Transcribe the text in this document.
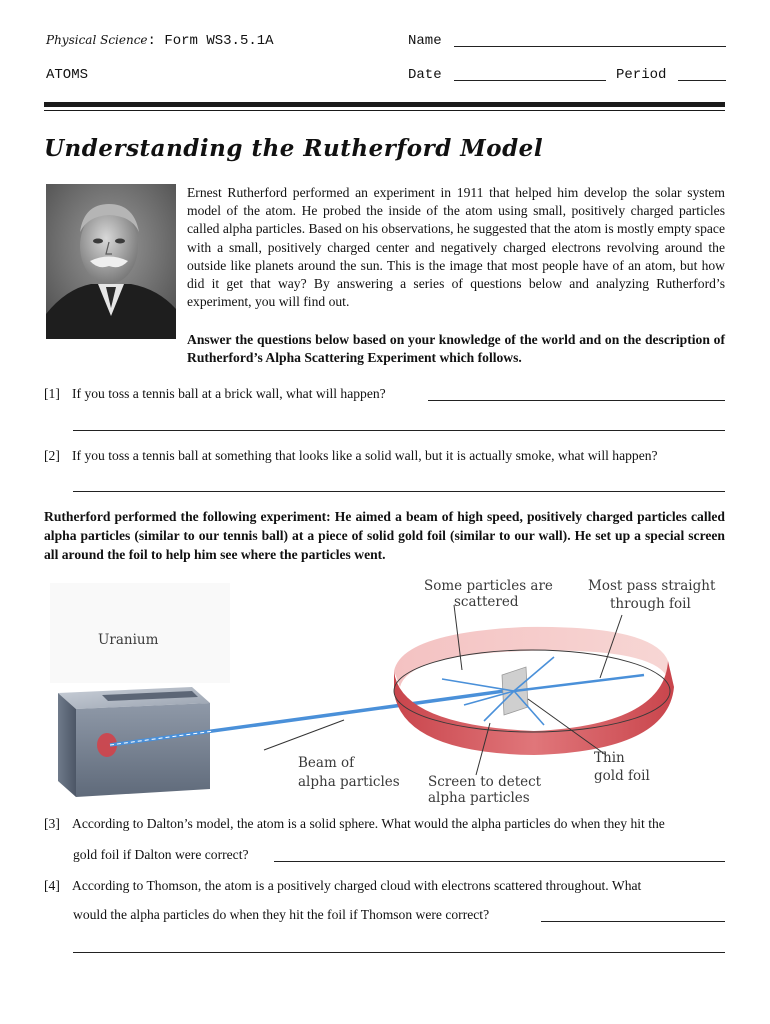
Physical Science: Form WS3.5.1A
ATOMS
Name
Date	Period
Understanding the Rutherford Model

Ernest Rutherford performed an experiment in 1911 that helped him develop the solar system model of the atom. He probed the inside of the atom using small, positively charged particles called alpha particles. Based on his observations, he suggested that the atom is mostly empty space with a small, positively charged center and negatively charged electrons revolving around the outside like planets around the sun. This is the image that most people have of an atom, but how did it get that way? By answering a series of questions below and analyzing Rutherford’s experiment, you will find out.

Answer the questions below based on your knowledge of the world and on the description of Rutherford’s Alpha Scattering Experiment which follows.

[1] If you toss a tennis ball at a brick wall, what will happen?
[2] If you toss a tennis ball at something that looks like a solid wall, but it is actually smoke, what will happen?

Rutherford performed the following experiment: He aimed a beam of high speed, positively charged particles called alpha particles (similar to our tennis ball) at a piece of solid gold foil (similar to our wall). He set up a special screen all around the foil to help him see where the particles went.

Uranium
Some particles are
scattered
Most pass straight
through foil
Beam of
alpha particles Screen to detect
alpha particles
Thin
gold foil
[3] According to Dalton’s model, the atom is a solid sphere. What would the alpha particles do when they hit the
gold foil if Dalton were correct?
[4] According to Thomson, the atom is a positively charged cloud with electrons scattered throughout. What
would the alpha particles do when they hit the foil if Thomson were correct?
